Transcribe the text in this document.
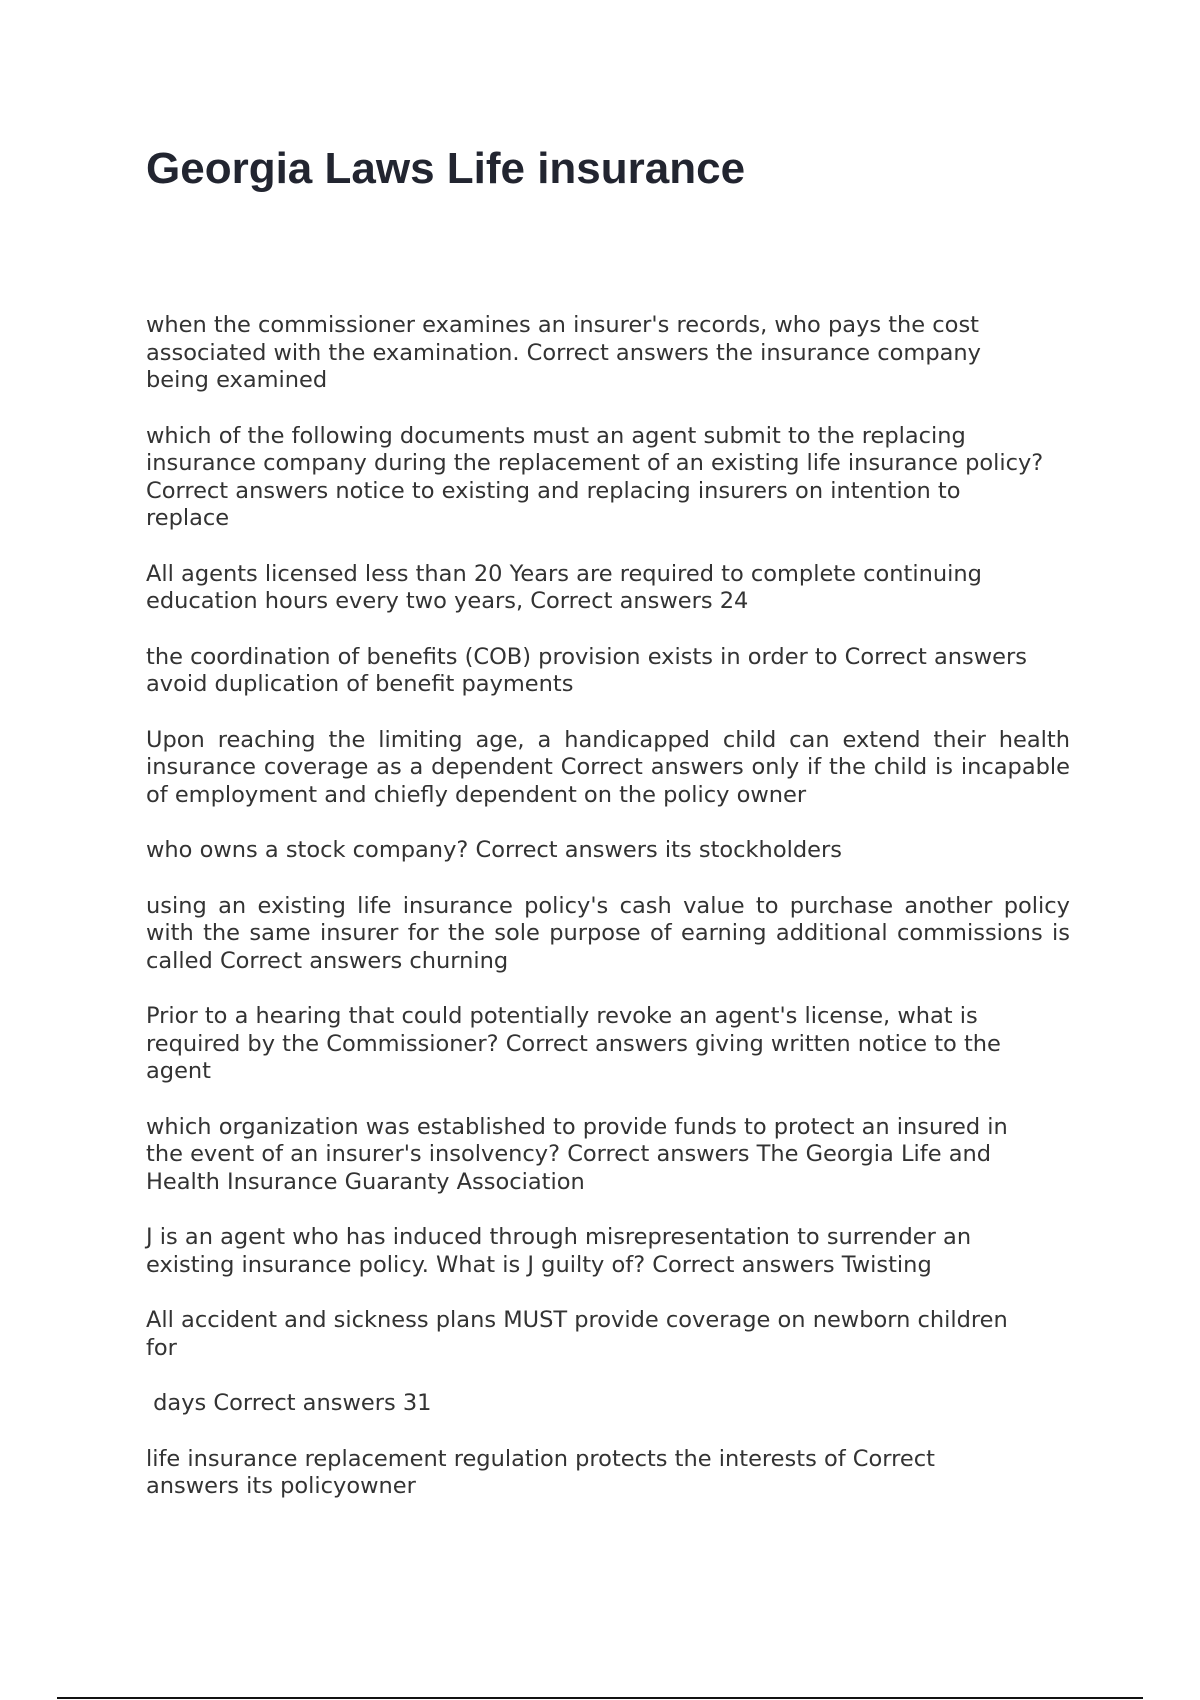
Georgia Laws Life insurance

when the commissioner examines an insurer's records, who pays the cost associated with the examination. Correct answers the insurance company being examined

which of the following documents must an agent submit to the replacing insurance company during the replacement of an existing life insurance policy? Correct answers notice to existing and replacing insurers on intention to replace

All agents licensed less than 20 Years are required to complete continuing education hours every two years, Correct answers 24

the coordination of benefits (COB) provision exists in order to Correct answers avoid duplication of benefit payments

Upon reaching the limiting age, a handicapped child can extend their health insurance coverage as a dependent Correct answers only if the child is incapable of employment and chiefly dependent on the policy owner

who owns a stock company? Correct answers its stockholders

using an existing life insurance policy's cash value to purchase another policy with the same insurer for the sole purpose of earning additional commissions is called Correct answers churning

Prior to a hearing that could potentially revoke an agent's license, what is required by the Commissioner? Correct answers giving written notice to the agent

which organization was established to provide funds to protect an insured in the event of an insurer's insolvency? Correct answers The Georgia Life and Health Insurance Guaranty Association

J is an agent who has induced through misrepresentation to surrender an existing insurance policy. What is J guilty of? Correct answers Twisting

All accident and sickness plans MUST provide coverage on newborn children for

days Correct answers 31

life insurance replacement regulation protects the interests of Correct answers its policyowner
